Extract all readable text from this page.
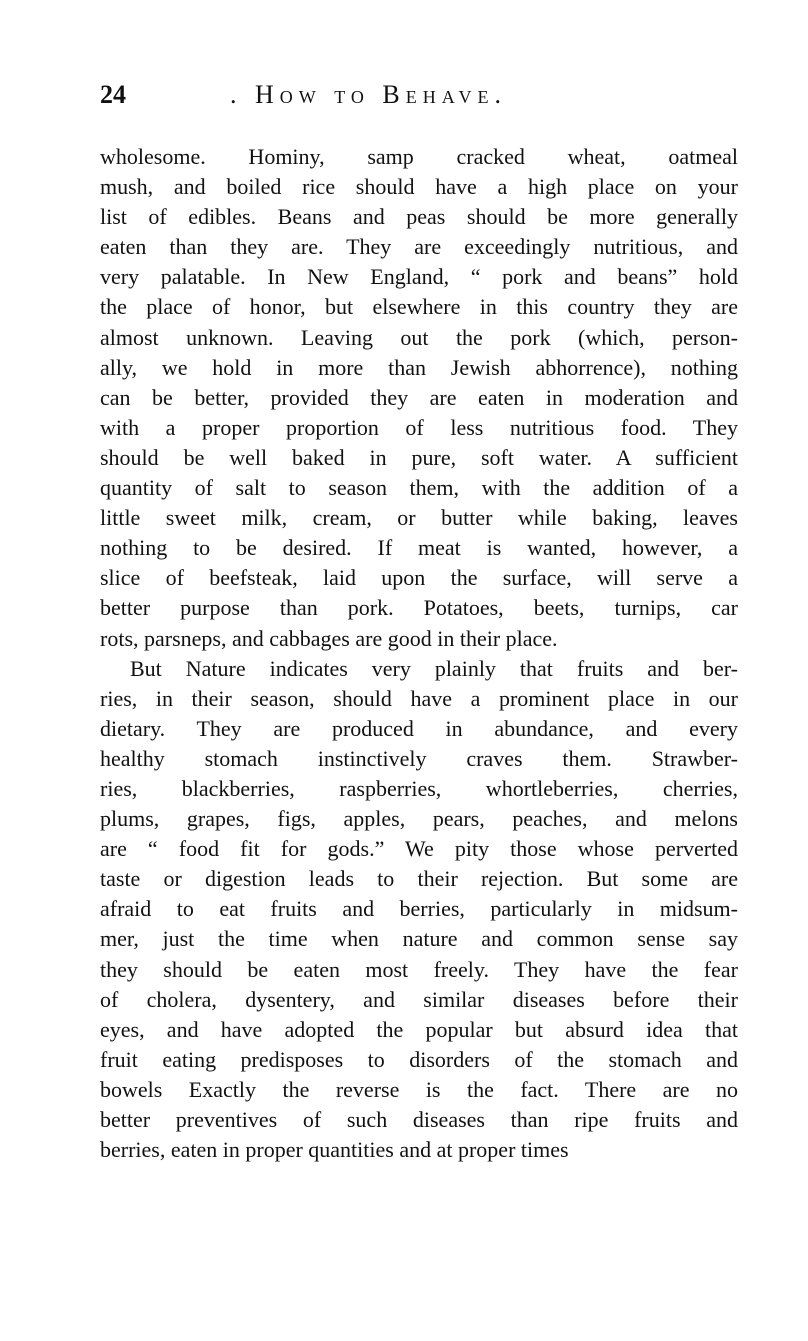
24	. How to Behave.
wholesome. Hominy, samp cracked wheat, oatmeal
mush, and boiled rice should have a high place on your
list of edibles. Beans and peas should be more generally
eaten than they are. They are exceedingly nutritious, and
very palatable. In New England, “ pork and beans” hold
the place of honor, but elsewhere in this country they are
almost unknown. Leaving out the pork (which, person-
ally, we hold in more than Jewish abhorrence), nothing
can be better, provided they are eaten in moderation and
with a proper proportion of less nutritious food. They
should be well baked in pure, soft water. A sufficient
quantity of salt to season them, with the addition of a
little sweet milk, cream, or butter while baking, leaves
nothing to be desired. If meat is wanted, however, a
slice of beefsteak, laid upon the surface, will serve a
better purpose than pork. Potatoes, beets, turnips, car
rots, parsneps, and cabbages are good in their place.
But Nature indicates very plainly that fruits and ber-
ries, in their season, should have a prominent place in our
dietary. They are produced in abundance, and every
healthy stomach instinctively craves them. Strawber-
ries, blackberries, raspberries, whortleberries, cherries,
plums, grapes, figs, apples, pears, peaches, and melons
are “ food fit for gods.” We pity those whose perverted
taste or digestion leads to their rejection. But some are
afraid to eat fruits and berries, particularly in midsum-
mer, just the time when nature and common sense say
they should be eaten most freely. They have the fear
of cholera, dysentery, and similar diseases before their
eyes, and have adopted the popular but absurd idea that
fruit eating predisposes to disorders of the stomach and
bowels Exactly the reverse is the fact. There are no
better preventives of such diseases than ripe fruits and
berries, eaten in proper quantities and at proper times
